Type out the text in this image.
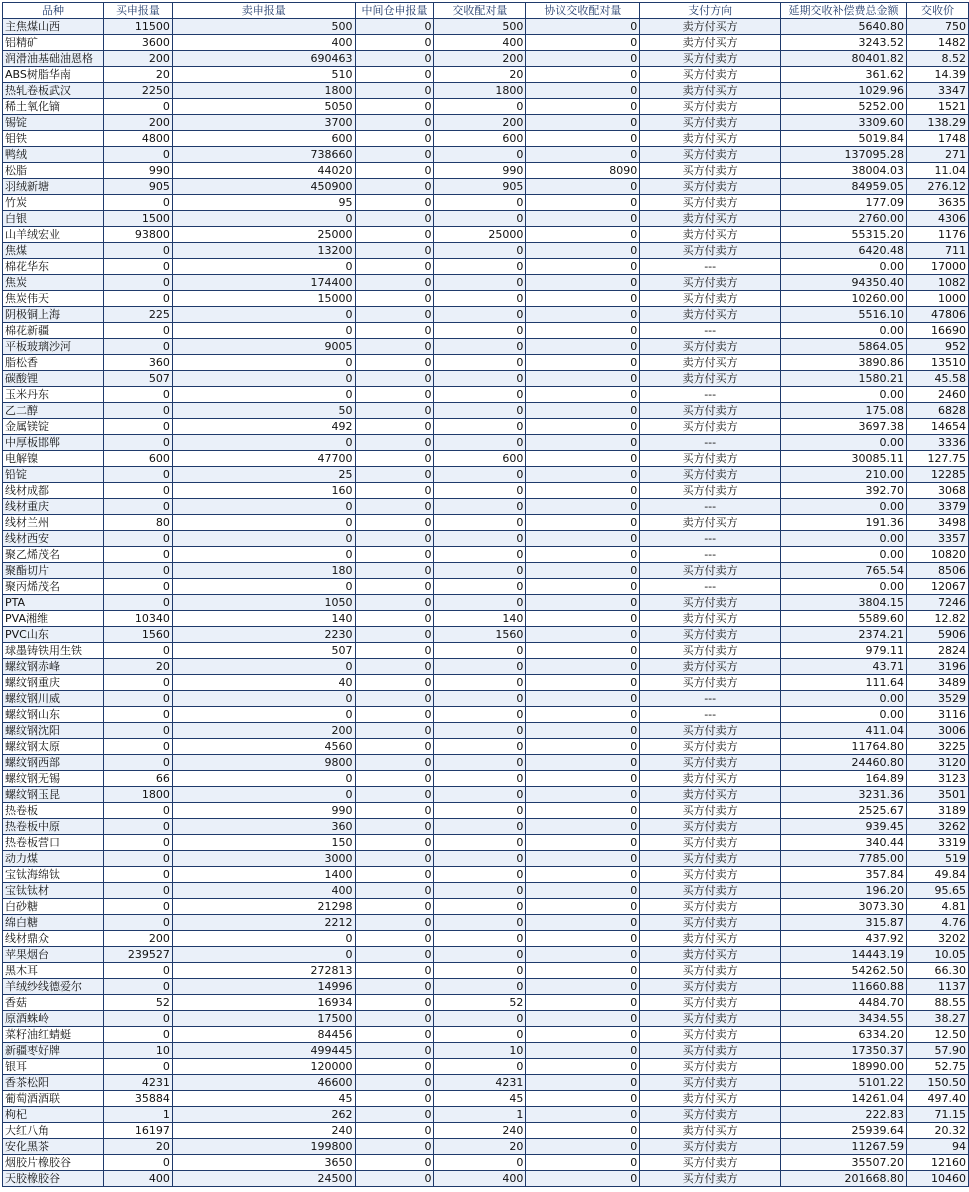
品种	买申报量	卖申报量	中间仓申报量	交收配对量	协议交收配对量	支付方向	延期交收补偿费总金额	交收价
主焦煤山西	11500	500	0	500	0	卖方付买方	5640.80	750
铝精矿	3600	400	0	400	0	卖方付买方	3243.52	1482
润滑油基础油恩格	200	690463	0	200	0	买方付卖方	80401.82	8.52
ABS树脂华南	20	510	0	20	0	买方付卖方	361.62	14.39
热轧卷板武汉	2250	1800	0	1800	0	卖方付买方	1029.96	3347
稀土氧化镝	0	5050	0	0	0	买方付卖方	5252.00	1521
锡锭	200	3700	0	200	0	买方付卖方	3309.60	138.29
钼铁	4800	600	0	600	0	卖方付买方	5019.84	1748
鸭绒	0	738660	0	0	0	买方付卖方	137095.28	271
松脂	990	44020	0	990	8090	买方付卖方	38004.03	11.04
羽绒新塘	905	450900	0	905	0	买方付卖方	84959.05	276.12
竹炭	0	95	0	0	0	买方付卖方	177.09	3635
白银	1500	0	0	0	0	卖方付买方	2760.00	4306
山羊绒宏业	93800	25000	0	25000	0	卖方付买方	55315.20	1176
焦煤	0	13200	0	0	0	买方付卖方	6420.48	711
棉花华东	0	0	0	0	0	---	0.00	17000
焦炭	0	174400	0	0	0	买方付卖方	94350.40	1082
焦炭伟天	0	15000	0	0	0	买方付卖方	10260.00	1000
阴极铜上海	225	0	0	0	0	卖方付买方	5516.10	47806
棉花新疆	0	0	0	0	0	---	0.00	16690
平板玻璃沙河	0	9005	0	0	0	买方付卖方	5864.05	952
脂松香	360	0	0	0	0	卖方付买方	3890.86	13510
碳酸锂	507	0	0	0	0	卖方付买方	1580.21	45.58
玉米丹东	0	0	0	0	0	---	0.00	2460
乙二醇	0	50	0	0	0	买方付卖方	175.08	6828
金属镁锭	0	492	0	0	0	买方付卖方	3697.38	14654
中厚板邯郸	0	0	0	0	0	---	0.00	3336
电解镍	600	47700	0	600	0	买方付卖方	30085.11	127.75
铅锭	0	25	0	0	0	买方付卖方	210.00	12285
线材成都	0	160	0	0	0	买方付卖方	392.70	3068
线材重庆	0	0	0	0	0	---	0.00	3379
线材兰州	80	0	0	0	0	卖方付买方	191.36	3498
线材西安	0	0	0	0	0	---	0.00	3357
聚乙烯茂名	0	0	0	0	0	---	0.00	10820
聚酯切片	0	180	0	0	0	买方付卖方	765.54	8506
聚丙烯茂名	0	0	0	0	0	---	0.00	12067
PTA	0	1050	0	0	0	买方付卖方	3804.15	7246
PVA湘维	10340	140	0	140	0	卖方付买方	5589.60	12.82
PVC山东	1560	2230	0	1560	0	买方付卖方	2374.21	5906
球墨铸铁用生铁	0	507	0	0	0	买方付卖方	979.11	2824
螺纹钢赤峰	20	0	0	0	0	卖方付买方	43.71	3196
螺纹钢重庆	0	40	0	0	0	买方付卖方	111.64	3489
螺纹钢川威	0	0	0	0	0	---	0.00	3529
螺纹钢山东	0	0	0	0	0	---	0.00	3116
螺纹钢沈阳	0	200	0	0	0	买方付卖方	411.04	3006
螺纹钢太原	0	4560	0	0	0	买方付卖方	11764.80	3225
螺纹钢西部	0	9800	0	0	0	买方付卖方	24460.80	3120
螺纹钢无锡	66	0	0	0	0	卖方付买方	164.89	3123
螺纹钢玉昆	1800	0	0	0	0	卖方付买方	3231.36	3501
热卷板	0	990	0	0	0	买方付卖方	2525.67	3189
热卷板中原	0	360	0	0	0	买方付卖方	939.45	3262
热卷板营口	0	150	0	0	0	买方付卖方	340.44	3319
动力煤	0	3000	0	0	0	买方付卖方	7785.00	519
宝钛海绵钛	0	1400	0	0	0	买方付卖方	357.84	49.84
宝钛钛材	0	400	0	0	0	买方付卖方	196.20	95.65
白砂糖	0	21298	0	0	0	买方付卖方	3073.30	4.81
绵白糖	0	2212	0	0	0	买方付卖方	315.87	4.76
线材鼎众	200	0	0	0	0	卖方付买方	437.92	3202
苹果烟台	239527	0	0	0	0	卖方付买方	14443.19	10.05
黑木耳	0	272813	0	0	0	买方付卖方	54262.50	66.30
羊绒纱线德爱尔	0	14996	0	0	0	买方付卖方	11660.88	1137
香菇	52	16934	0	52	0	买方付卖方	4484.70	88.55
原酒蛛岭	0	17500	0	0	0	买方付卖方	3434.55	38.27
菜籽油红蜻蜓	0	84456	0	0	0	买方付卖方	6334.20	12.50
新疆枣好牌	10	499445	0	10	0	买方付卖方	17350.37	57.90
银耳	0	120000	0	0	0	买方付卖方	18990.00	52.75
香茶松阳	4231	46600	0	4231	0	买方付卖方	5101.22	150.50
葡萄酒酒联	35884	45	0	45	0	卖方付买方	14261.04	497.40
枸杞	1	262	0	1	0	买方付卖方	222.83	71.15
大红八角	16197	240	0	240	0	卖方付买方	25939.64	20.32
安化黑茶	20	199800	0	20	0	买方付卖方	11267.59	94
烟胶片橡胶谷	0	3650	0	0	0	买方付卖方	35507.20	12160
天胶橡胶谷	400	24500	0	400	0	买方付卖方	201668.80	10460
